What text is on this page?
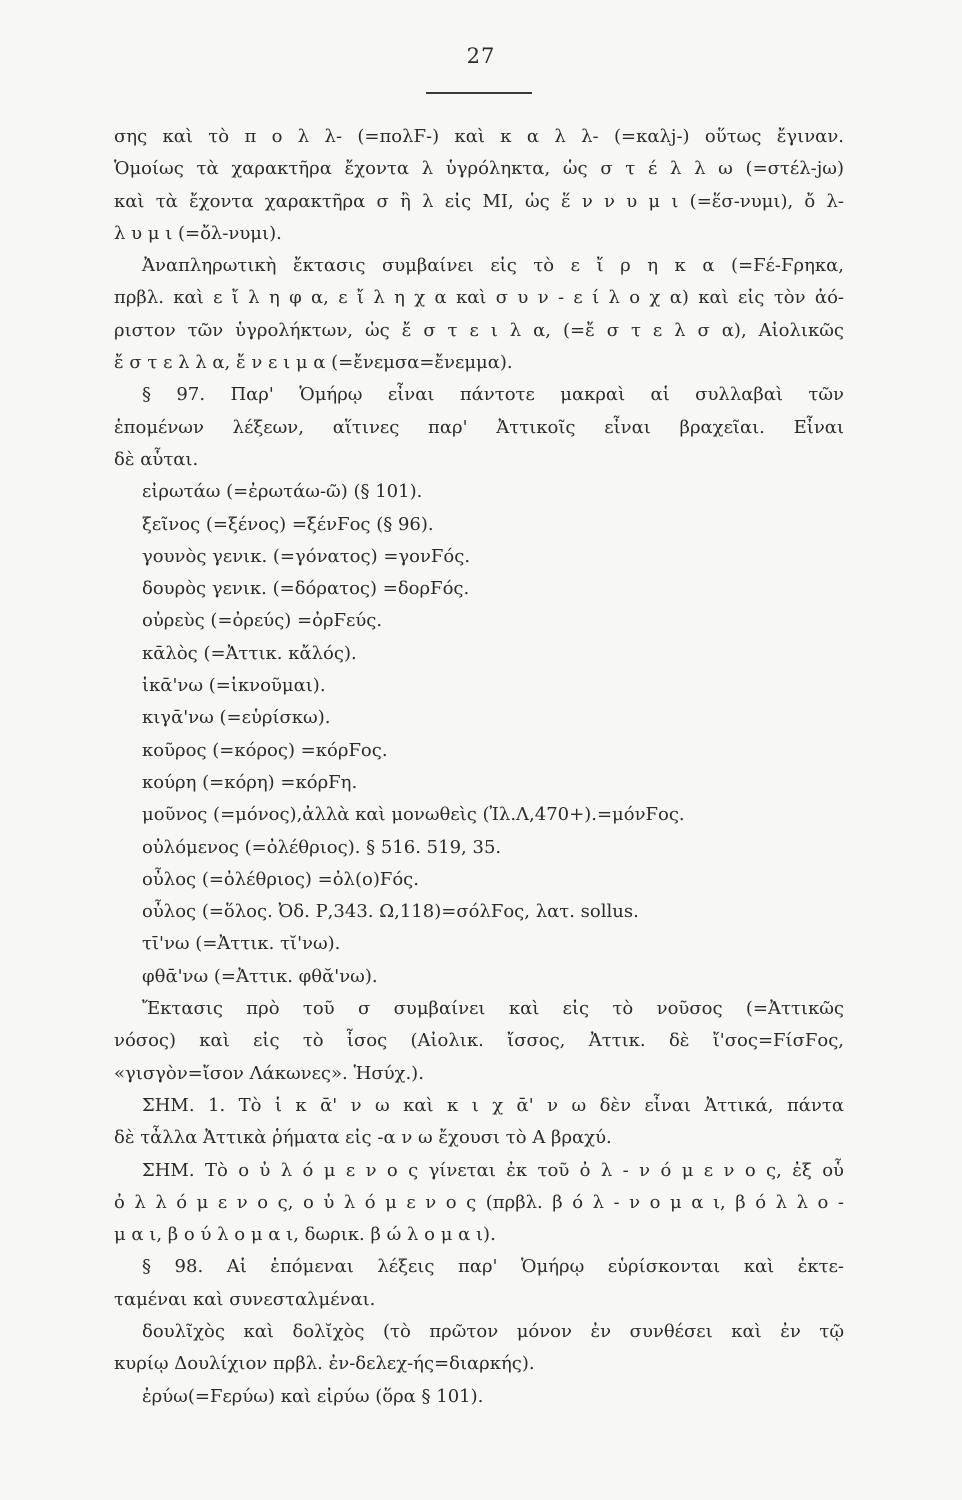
27
σης καὶ τὸ π ο λ λ- (=πολϜ-) καὶ κ α λ λ- (=καλj-) οὕτως ἔγιναν.
Ὁμοίως τὰ χαρακτῆρα ἔχοντα λ ὑγρόληκτα, ὡς σ τ έ λ λ ω (=στέλ-jω)
καὶ τὰ ἔχοντα χαρακτῆρα σ ἢ λ εἰς ΜΙ, ὡς ἕ ν ν υ μ ι (=ἕσ-νυμι), ὄ λ-
λ υ μ ι (=ὄλ-νυμι).
Ἀναπληρωτικὴ ἔκτασις συμβαίνει εἰς τὸ ε ἴ ρ η κ α (=Ϝέ-Ϝρηκα,
πρβλ. καὶ ε ἴ λ η φ α, ε ἴ λ η χ α καὶ σ υ ν - ε ί λ ο χ α) καὶ εἰς τὸν ἀό-
ριστον τῶν ὑγρολήκτων, ὡς ἔ σ τ ε ι λ α, (=ἔ σ τ ε λ σ α), Αἰολικῶς
ἔ σ τ ε λ λ α, ἔ ν ε ι μ α (=ἔνεμσα=ἔνεμμα).
§ 97. Παρ' Ὁμήρῳ εἶναι πάντοτε μακραὶ αἱ συλλαβαὶ τῶν
ἑπομένων λέξεων, αἵτινες παρ' Ἀττικοῖς εἶναι βραχεῖαι. Εἶναι
δὲ αὗται.
εἰρωτάω (=ἐρωτάω-ῶ) (§ 101).
ξεῖνος (=ξένος) =ξένϜος (§ 96).
γουνὸς γενικ. (=γόνατος) =γονϜός.
δουρὸς γενικ. (=δόρατος) =δορϜός.
οὐρεὺς (=ὀρεύς) =ὀρϜεύς.
κᾱλὸς (=Ἀττικ. κἄλός).
ἱκᾱ'νω (=ἱκνοῦμαι).
κιγᾱ'νω (=εὑρίσκω).
κοῦρος (=κόρος) =κόρϜος.
κούρη (=κόρη) =κόρϜη.
μοῦνος (=μόνος),ἀλλὰ καὶ μονωθεὶς (Ἰλ.Λ,470+).=μόνϜος.
οὐλόμενος (=ὀλέθριος). § 516. 519, 35.
οὖλος (=ὀλέθριος) =ὀλ(ο)Ϝός.
οὖλος (=ὅλος. Ὀδ. Ρ,343. Ω,118)=σόλϜος, λατ. sollus.
τῑ'νω (=Ἀττικ. τῐ'νω).
φθᾱ'νω (=Ἀττικ. φθᾰ'νω).
Ἔκτασις πρὸ τοῦ σ συμβαίνει καὶ εἰς τὸ νοῦσος (=Ἀττικῶς
νόσος) καὶ εἰς τὸ ἶσος (Αἰολικ. ἴσσος, Ἀττικ. δὲ ἴ'σος=ϜίσϜος,
«γισγὸν=ἴσον Λάκωνες». Ἡσύχ.).
ΣΗΜ. 1. Τὸ ἱ κ ᾱ' ν ω καὶ κ ι χ ᾱ' ν ω δὲν εἶναι Ἀττικά, πάντα
δὲ τἆλλα Ἀττικὰ ῥήματα εἰς -α ν ω ἔχουσι τὸ Α βραχύ.
ΣΗΜ. Τὸ ο ὐ λ ό μ ε ν ο ς γίνεται ἐκ τοῦ ὀ λ - ν ό μ ε ν ο ς, ἐξ οὗ
ὀ λ λ ό μ ε ν ο ς, ο ὐ λ ό μ ε ν ο ς (πρβλ. β ό λ - ν ο μ α ι, β ό λ λ ο -
μ α ι, β ο ύ λ ο μ α ι, δωρικ. β ώ λ ο μ α ι).
§ 98. Αἱ ἑπόμεναι λέξεις παρ' Ὁμήρῳ εὑρίσκονται καὶ ἐκτε-
ταμέναι καὶ συνεσταλμέναι.
δουλῖχὸς καὶ δολῐχὸς (τὸ πρῶτον μόνον ἐν συνθέσει καὶ ἐν τῷ
κυρίῳ Δουλίχιον πρβλ. ἐν-δελεχ-ής=διαρκής).
ἐρύω(=Ϝερύω) καὶ εἰρύω (ὅρα § 101).
